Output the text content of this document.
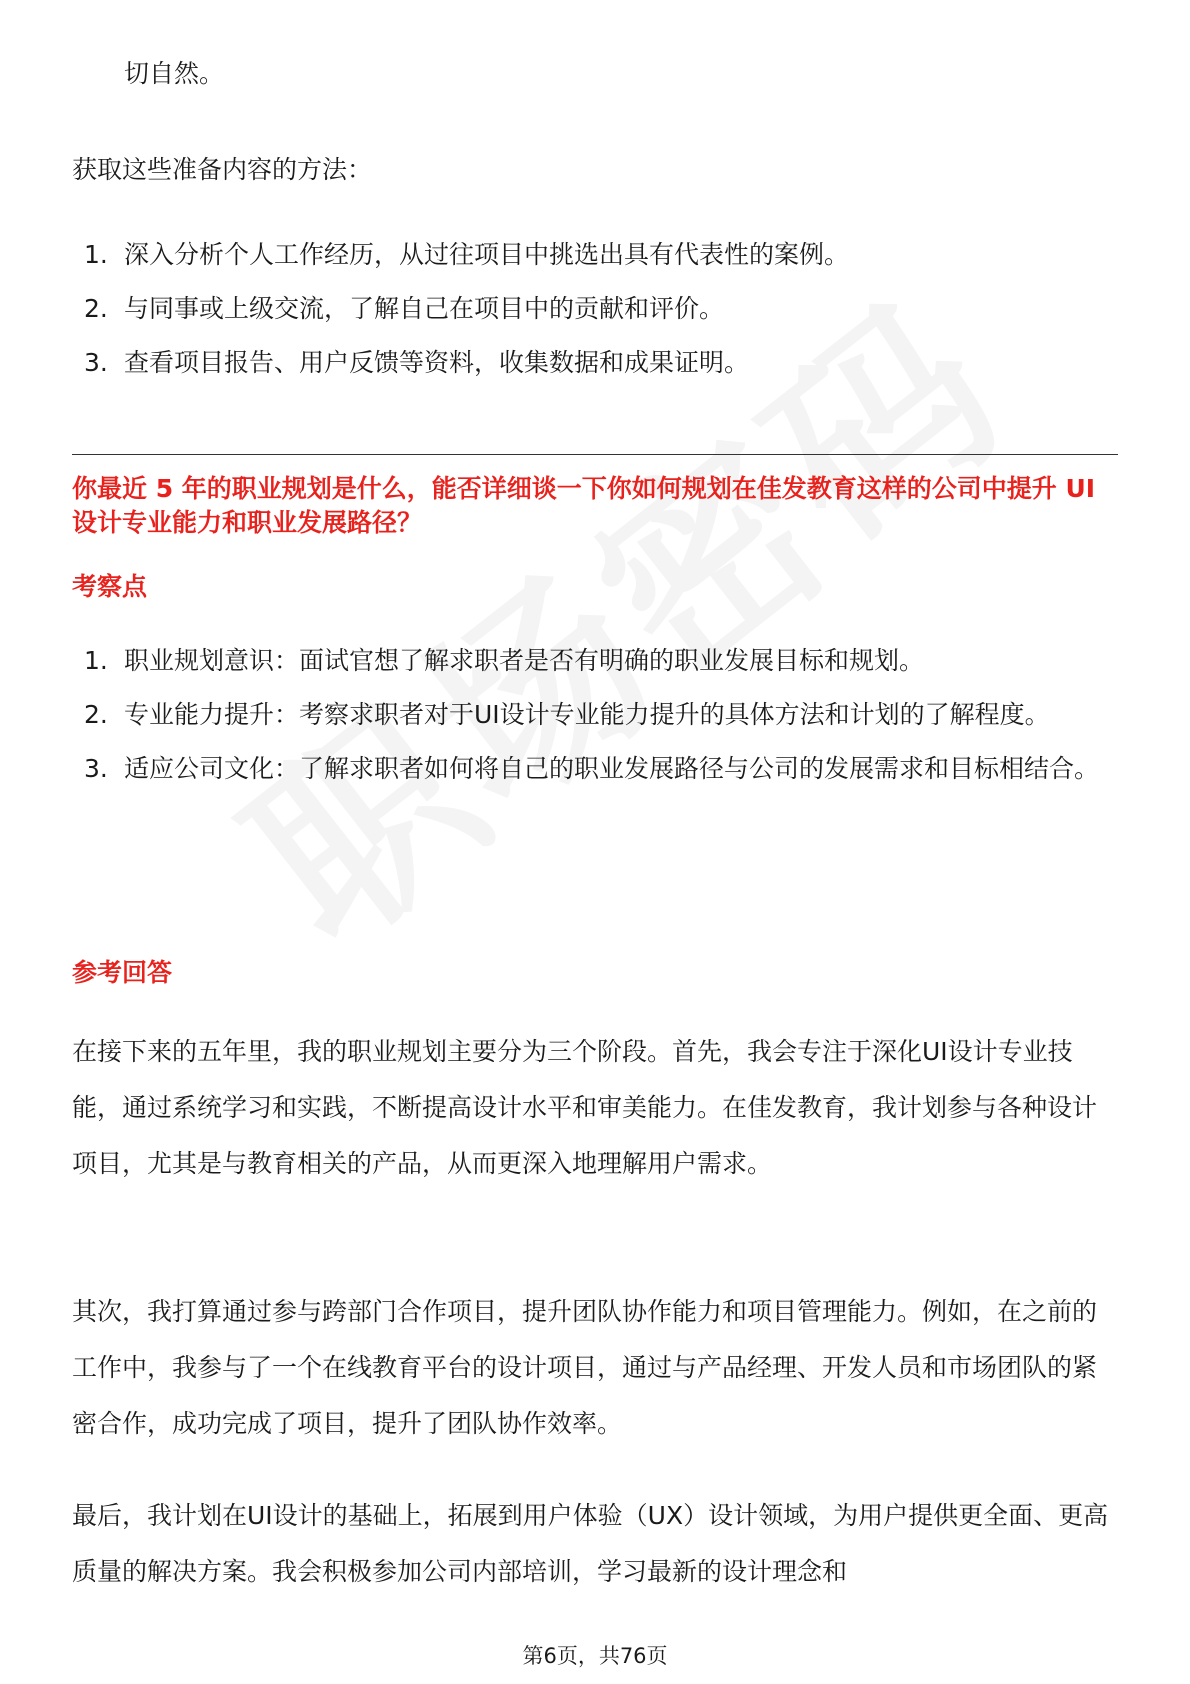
切自然。
获取这些准备内容的方法：
1. 深入分析个人工作经历，从过往项目中挑选出具有代表性的案例。
2. 与同事或上级交流，了解自己在项目中的贡献和评价。
3. 查看项目报告、用户反馈等资料，收集数据和成果证明。
你最近 5 年的职业规划是什么，能否详细谈一下你如何规划在佳发教育这样的公司中提升 UI 设计专业能力和职业发展路径？
考察点
1. 职业规划意识：面试官想了解求职者是否有明确的职业发展目标和规划。
2. 专业能力提升：考察求职者对于UI设计专业能力提升的具体方法和计划的了解程度。
3. 适应公司文化：了解求职者如何将自己的职业发展路径与公司的发展需求和目标相结合。
参考回答

在接下来的五年里，我的职业规划主要分为三个阶段。首先，我会专注于深化UI设计专业技能，通过系统学习和实践，不断提高设计水平和审美能力。在佳发教育，我计划参与各种设计项目，尤其是与教育相关的产品，从而更深入地理解用户需求。

其次，我打算通过参与跨部门合作项目，提升团队协作能力和项目管理能力。例如，在之前的工作中，我参与了一个在线教育平台的设计项目，通过与产品经理、开发人员和市场团队的紧密合作，成功完成了项目，提升了团队协作效率。

最后，我计划在UI设计的基础上，拓展到用户体验（UX）设计领域，为用户提供更全面、更高质量的解决方案。我会积极参加公司内部培训，学习最新的设计理念和

第6页，共76页
